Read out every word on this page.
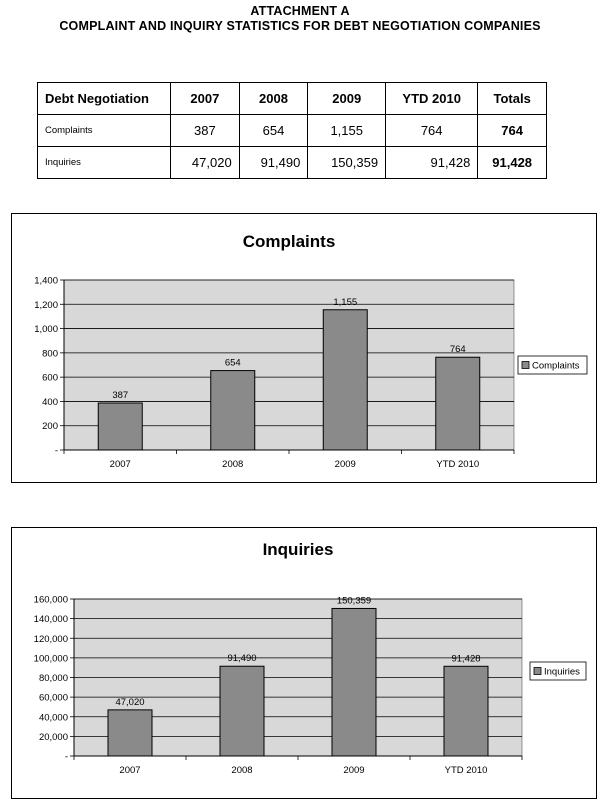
ATTACHMENT A
COMPLAINT AND INQUIRY STATISTICS FOR DEBT NEGOTIATION COMPANIES
Debt Negotiation	2007	2008	2009	YTD 2010	Totals
Complaints	387	654	1,155	764	764
Inquiries	47,020	91,490	150,359	91,428	91,428
Complaints
-
200
400
600
800
1,000
1,200
1,400
387
2007
654
2008
1,155
2009
764
YTD 2010
Complaints
Inquiries
-
20,000
40,000
60,000
80,000
100,000
120,000
140,000
160,000
47,020
2007
91,490
2008
150,359
2009
91,428
YTD 2010
Inquiries
